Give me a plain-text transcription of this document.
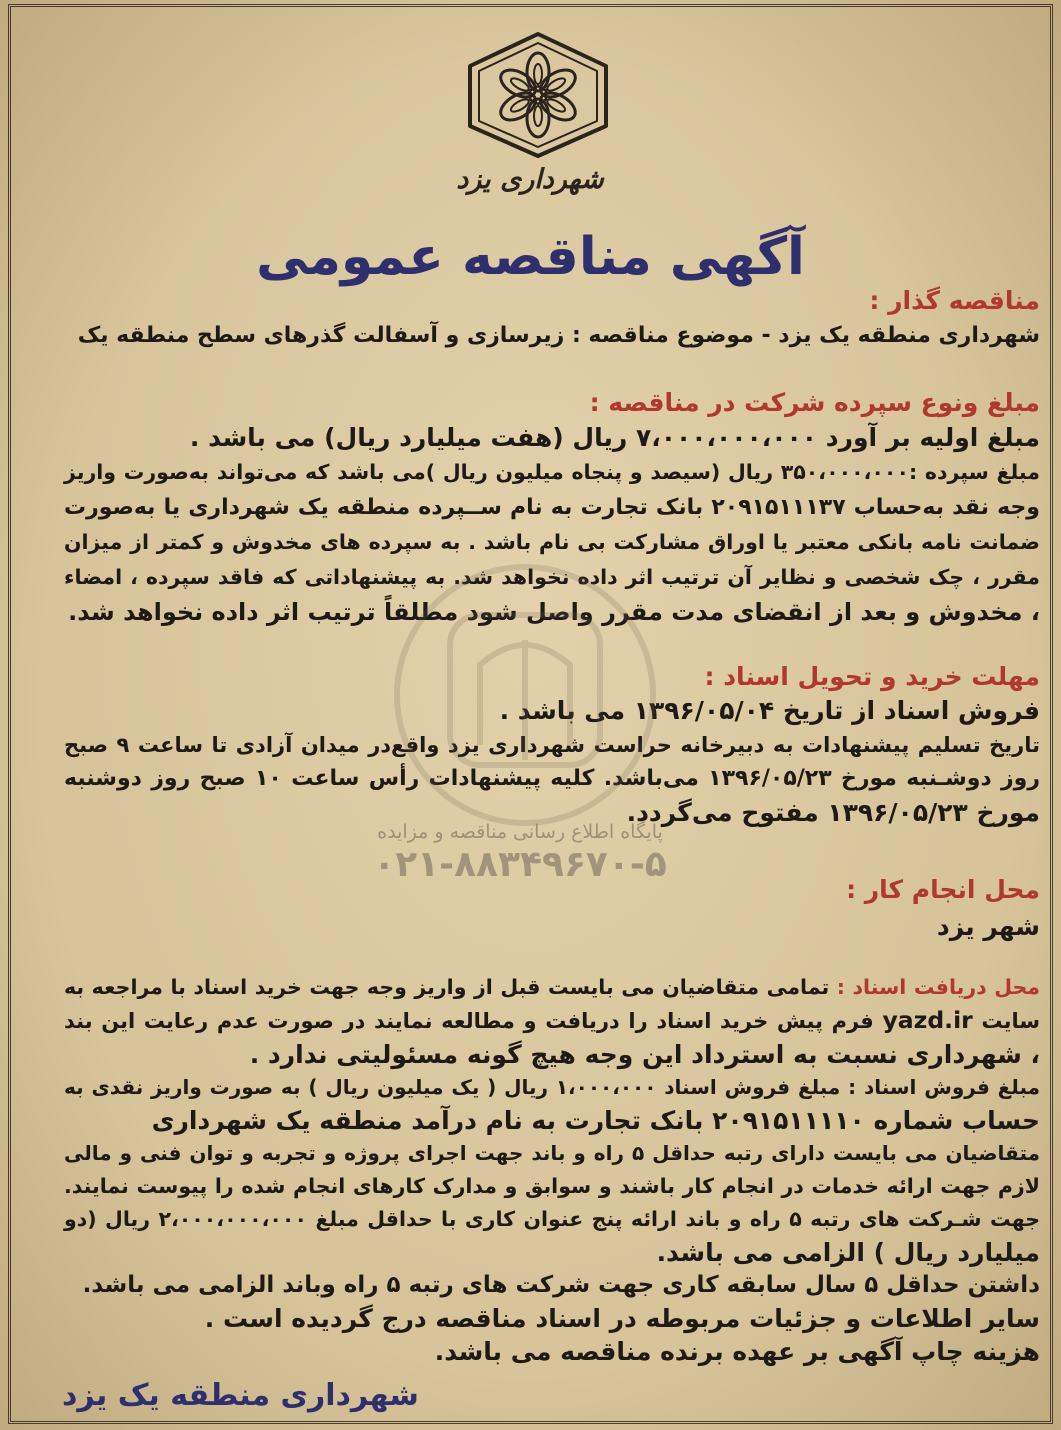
شهرداری یزد
آگهی مناقصه عمومی
مناقصه گذار :
شهرداری منطقه یک یزد - موضوع مناقصه : زیرسازی و آسفالت گذرهای سطح منطقه یک
مبلغ ونوع سپرده شرکت در مناقصه :
مبلغ اولیه بر آورد ۷،۰۰۰،۰۰۰،۰۰۰ ریال (هفت میلیارد ریال) می باشد .
مبلغ سپرده :۳۵۰،۰۰۰،۰۰۰ ریال (سیصد و پنجاه میلیون ریال )می باشد که می‌تواند به‌صورت واریز
وجه نقد به‌حساب ۲۰۹۱۵۱۱۱۳۷ بانک تجارت به نام ســپرده منطقه یک شهرداری یا به‌صورت
ضمانت نامه بانکی معتبر یا اوراق مشارکت بی نام باشد . به سپرده های مخدوش و کمتر از میزان
مقرر ، چک شخصی و نظایر آن ترتیب اثر داده نخواهد شد. به پیشنهاداتی که فاقد سپرده ، امضاء
، مخدوش و بعد از انقضای مدت مقرر واصل شود مطلقاً ترتیب اثر داده نخواهد شد.
مهلت خرید و تحویل اسناد :
فروش اسناد از تاریخ ۱۳۹۶/۰۵/۰۴ می باشد .
تاریخ تسلیم پیشنهادات به دبیرخانه حراست شهرداری یزد واقع‌در میدان آزادی تا ساعت ۹ صبح
روز دوشـنبه مورخ ۱۳۹۶/۰۵/۲۳ می‌باشد. کلیه پیشنهادات رأس ساعت ۱۰ صبح روز دوشنبه
مورخ ۱۳۹۶/۰۵/۲۳ مفتوح می‌گردد.
پایگاه اطلاع رسانی مناقصه و مزایده
۰۲۱-۸۸۳۴۹۶۷۰-۵
محل انجام کار :
شهر یزد
محل دریافت اسناد : تمامی متقاضیان می بایست قبل از واریز وجه جهت خرید اسناد با مراجعه به
سایت yazd.ir فرم پیش خرید اسناد را دریافت و مطالعه نمایند در صورت عدم رعایت این بند
، شهرداری نسبت به استرداد این وجه هیچ گونه مسئولیتی ندارد .
مبلغ فروش اسناد : مبلغ فروش اسناد ۱،۰۰۰،۰۰۰ ریال ( یک میلیون ریال ) به صورت واریز نقدی به
حساب شماره ۲۰۹۱۵۱۱۱۱۰ بانک تجارت به نام درآمد منطقه یک شهرداری
متقاضیان می بایست دارای رتبه حداقل ۵ راه و باند جهت اجرای پروژه و تجربه و توان فنی و مالی
لازم جهت ارائه خدمات در انجام کار باشند و سوابق و مدارک کارهای انجام شده را پیوست نمایند.
جهت شـرکت های رتبه ۵ راه و باند ارائه پنج عنوان کاری با حداقل مبلغ ۲،۰۰۰،۰۰۰،۰۰۰ ریال (دو
میلیارد ریال ) الزامی می باشد.
داشتن حداقل ۵ سال سابقه کاری جهت شرکت های رتبه ۵ راه وباند الزامی می باشد.
سایر اطلاعات و جزئیات مربوطه در اسناد مناقصه درج گردیده است .
هزینه چاپ آگهی بر عهده برنده مناقصه می باشد.
شهرداری منطقه یک یزد
